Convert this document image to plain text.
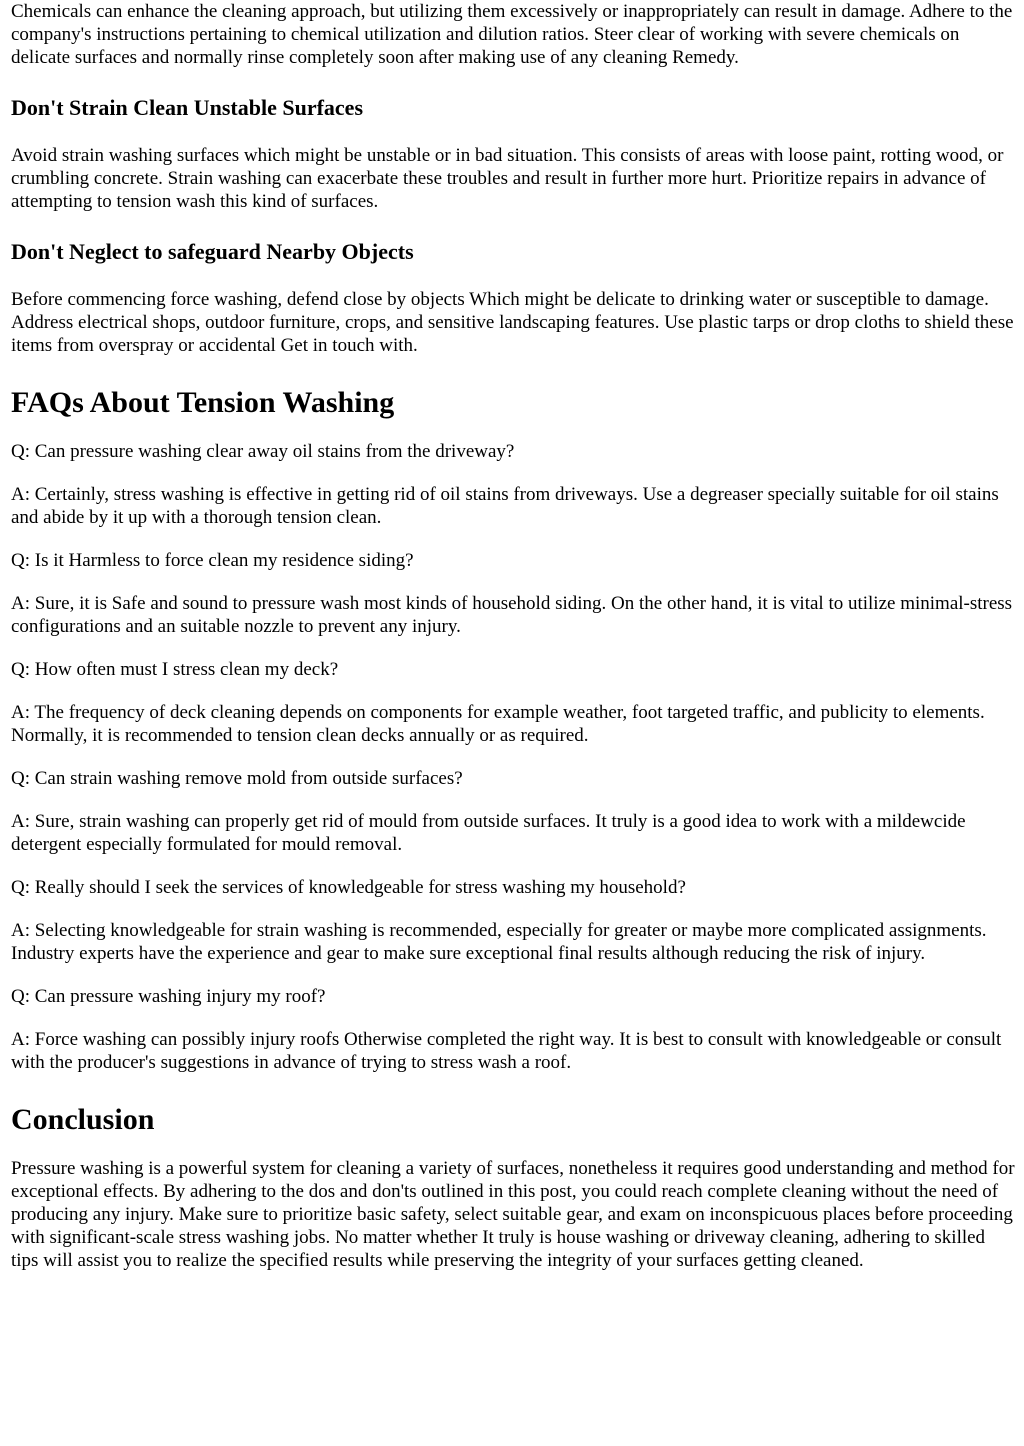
Chemicals can enhance the cleaning approach, but utilizing them excessively or inappropriately can result in damage. Adhere to the company's instructions pertaining to chemical utilization and dilution ratios. Steer clear of working with severe chemicals on delicate surfaces and normally rinse completely soon after making use of any cleaning Remedy.

Don't Strain Clean Unstable Surfaces

Avoid strain washing surfaces which might be unstable or in bad situation. This consists of areas with loose paint, rotting wood, or crumbling concrete. Strain washing can exacerbate these troubles and result in further more hurt. Prioritize repairs in advance of attempting to tension wash this kind of surfaces.

Don't Neglect to safeguard Nearby Objects

Before commencing force washing, defend close by objects Which might be delicate to drinking water or susceptible to damage. Address electrical shops, outdoor furniture, crops, and sensitive landscaping features. Use plastic tarps or drop cloths to shield these items from overspray or accidental Get in touch with.

FAQs About Tension Washing

Q: Can pressure washing clear away oil stains from the driveway?

A: Certainly, stress washing is effective in getting rid of oil stains from driveways. Use a degreaser specially suitable for oil stains and abide by it up with a thorough tension clean.

Q: Is it Harmless to force clean my residence siding?

A: Sure, it is Safe and sound to pressure wash most kinds of household siding. On the other hand, it is vital to utilize minimal-stress configurations and an suitable nozzle to prevent any injury.

Q: How often must I stress clean my deck?

A: The frequency of deck cleaning depends on components for example weather, foot targeted traffic, and publicity to elements. Normally, it is recommended to tension clean decks annually or as required.

Q: Can strain washing remove mold from outside surfaces?

A: Sure, strain washing can properly get rid of mould from outside surfaces. It truly is a good idea to work with a mildewcide detergent especially formulated for mould removal.

Q: Really should I seek the services of knowledgeable for stress washing my household?

A: Selecting knowledgeable for strain washing is recommended, especially for greater or maybe more complicated assignments. Industry experts have the experience and gear to make sure exceptional final results although reducing the risk of injury.

Q: Can pressure washing injury my roof?

A: Force washing can possibly injury roofs Otherwise completed the right way. It is best to consult with knowledgeable or consult with the producer's suggestions in advance of trying to stress wash a roof.

Conclusion

Pressure washing is a powerful system for cleaning a variety of surfaces, nonetheless it requires good understanding and method for exceptional effects. By adhering to the dos and don'ts outlined in this post, you could reach complete cleaning without the need of producing any injury. Make sure to prioritize basic safety, select suitable gear, and exam on inconspicuous places before proceeding with significant-scale stress washing jobs. No matter whether It truly is house washing or driveway cleaning, adhering to skilled tips will assist you to realize the specified results while preserving the integrity of your surfaces getting cleaned.
